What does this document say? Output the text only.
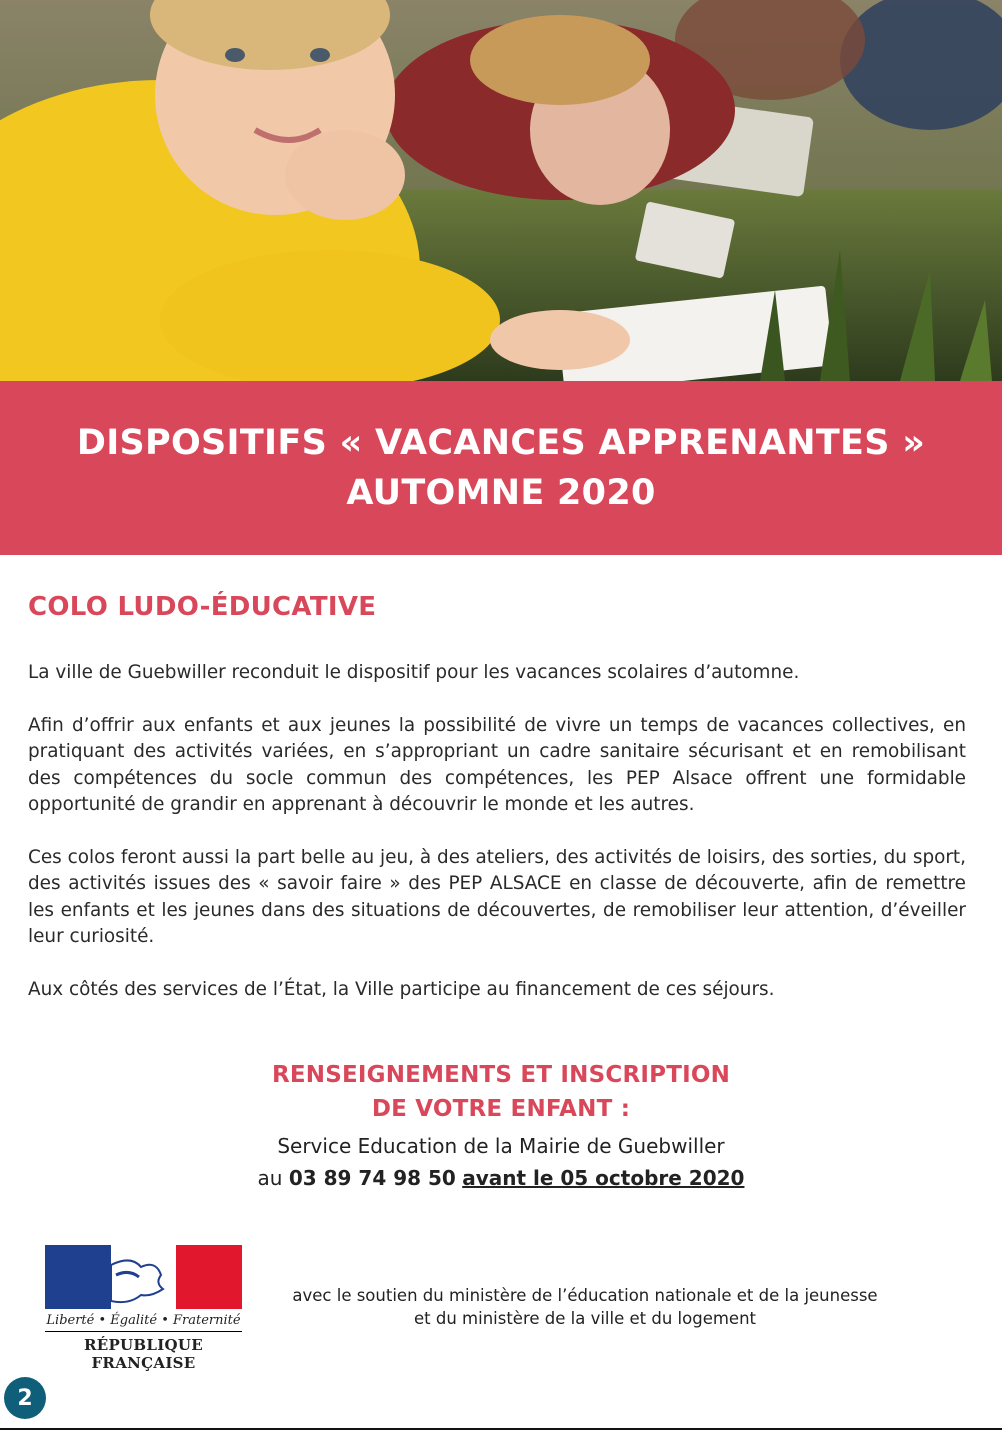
DISPOSITIFS « VACANCES APPRENANTES »
AUTOMNE 2020
COLO LUDO-ÉDUCATIVE

La ville de Guebwiller reconduit le dispositif pour les vacances scolaires d’automne.

Afin d’offrir aux enfants et aux jeunes la possibilité de vivre un temps de vacances collectives, en pratiquant des activités variées, en s’appropriant un cadre sanitaire sécurisant et en remobilisant des compétences du socle commun des compétences, les PEP Alsace offrent une formidable opportunité de grandir en apprenant à découvrir le monde et les autres.

Ces colos feront aussi la part belle au jeu, à des ateliers, des activités de loisirs, des sorties, du sport, des activités issues des « savoir faire » des PEP ALSACE en classe de découverte, afin de remettre les enfants et les jeunes dans des situations de découvertes, de remobiliser leur attention, d’éveiller leur curiosité.

Aux côtés des services de l’État, la Ville participe au financement de ces séjours.

RENSEIGNEMENTS ET INSCRIPTION
DE VOTRE ENFANT :
Service Education de la Mairie de Guebwiller
au 03 89 74 98 50 avant le 05 octobre 2020
Liberté • Égalité • Fraternité
RÉPUBLIQUE FRANÇAISE
avec le soutien du ministère de l’éducation nationale et de la jeunesse
et du ministère de la ville et du logement
2
